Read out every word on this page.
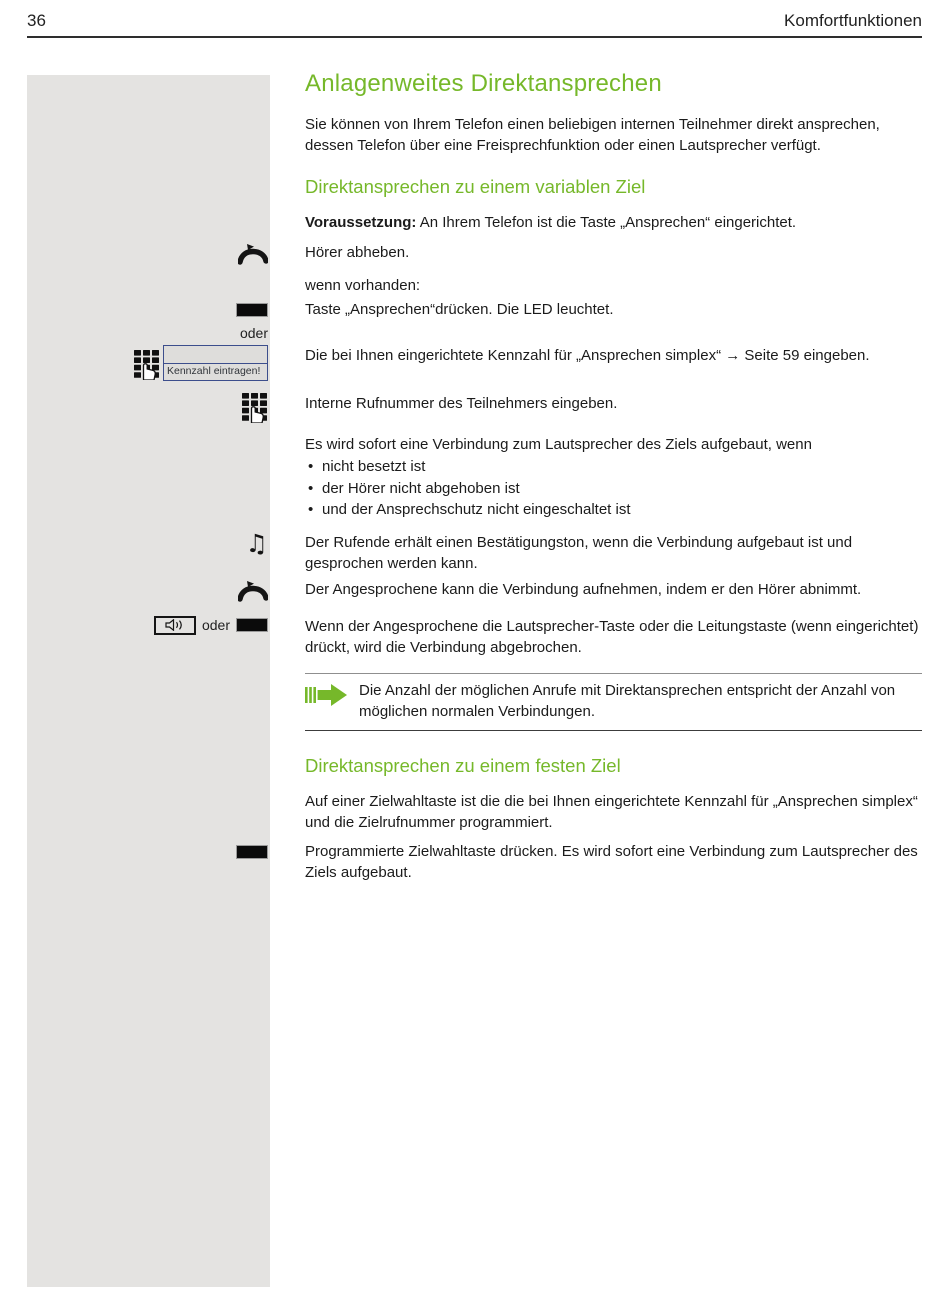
36	Komfortfunktionen
Anlagenweites Direktansprechen

Sie können von Ihrem Telefon einen beliebigen internen Teilnehmer direkt ansprechen, dessen Telefon über eine Freisprechfunktion oder einen Lautsprecher verfügt.

Direktansprechen zu einem variablen Ziel

Voraussetzung: An Ihrem Telefon ist die Taste „Ansprechen“ eingerichtet.

Hörer abheben.
wenn vorhanden:
Taste „Ansprechen“drücken. Die LED leuchtet.
oder
Kennzahl eintragen!
Die bei Ihnen eingerichtete Kennzahl für „Ansprechen simplex“ → Seite 59 eingeben.
Interne Rufnummer des Teilnehmers eingeben.

Es wird sofort eine Verbindung zum Lautsprecher des Ziels aufgebaut, wenn

• nicht besetzt ist
• der Hörer nicht abgehoben ist
• und der Ansprechschutz nicht eingeschaltet ist
♫ Der Rufende erhält einen Bestätigungston, wenn die Verbindung aufgebaut ist und gesprochen werden kann.
Der Angesprochene kann die Verbindung aufnehmen, indem er den Hörer abnimmt.
oder	Wenn der Angesprochene die Lautsprecher-Taste oder die Leitungstaste (wenn eingerichtet) drückt, wird die Verbindung abgebrochen.
Die Anzahl der möglichen Anrufe mit Direktansprechen entspricht der Anzahl von möglichen normalen Verbindungen.
Direktansprechen zu einem festen Ziel

Auf einer Zielwahltaste ist die die bei Ihnen eingerichtete Kennzahl für „Ansprechen simplex“ und die Zielrufnummer programmiert.

Programmierte Zielwahltaste drücken. Es wird sofort eine Verbindung zum Lautsprecher des Ziels aufgebaut.
